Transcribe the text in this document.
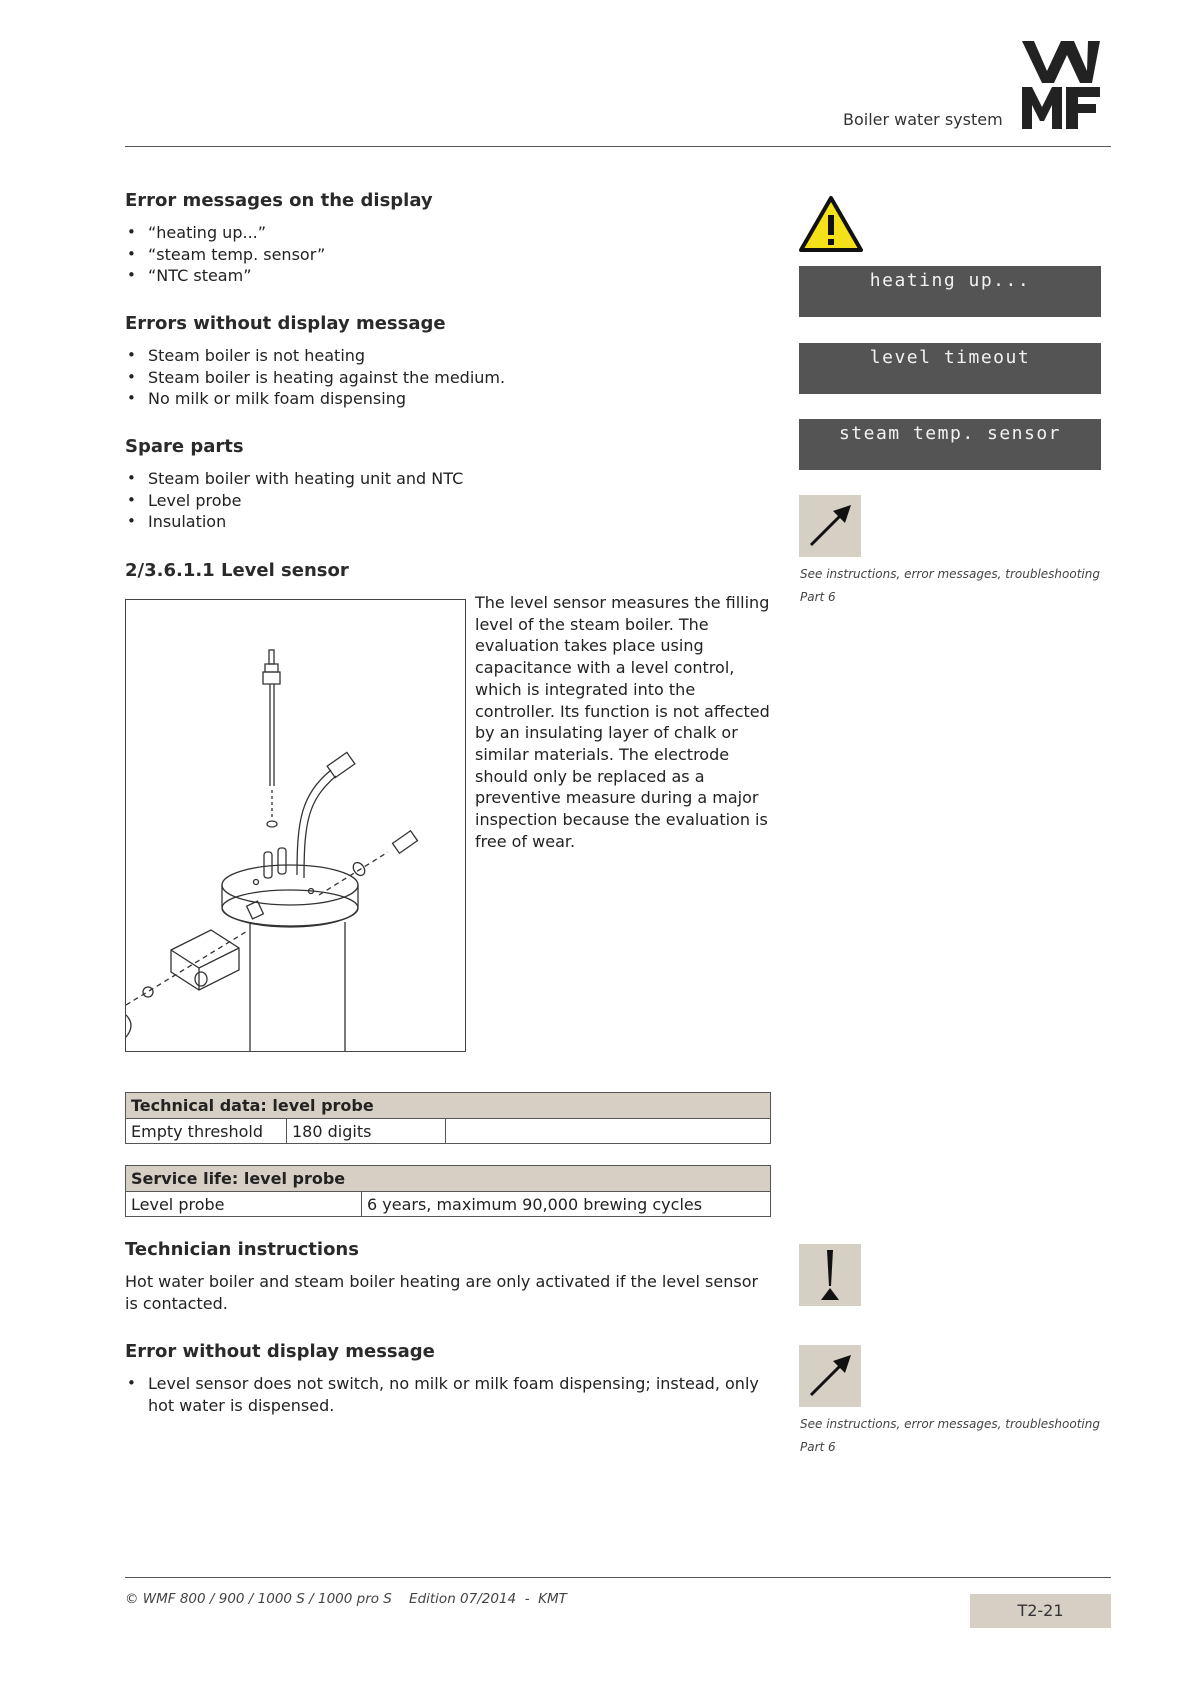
Boiler water system
Error messages on the display
• “heating up...”
• “steam temp. sensor”
• “NTC steam”
Errors without display message
• Steam boiler is not heating
• Steam boiler is heating against the medium.
• No milk or milk foam dispensing
Spare parts
• Steam boiler with heating unit and NTC
• Level probe
• Insulation
2/3.6.1.1 Level sensor

The level sensor measures the filling level of the steam boiler. The evaluation takes place using capacitance with a level control, which is integrated into the controller. Its function is not affected by an insulating layer of chalk or similar materials. The electrode should only be replaced as a preventive measure during a major inspection because the evaluation is free of wear.

Technical data: level probe
Empty threshold	180 digits	
Service life: level probe
Level probe	6 years, maximum 90,000 brewing cycles
Technician instructions

Hot water boiler and steam boiler heating are only activated if the level sensor is contacted.

Error without display message
• Level sensor does not switch, no milk or milk foam dispensing; instead, only hot water is dispensed.
heating up...
level timeout
steam temp. sensor
See instructions, error messages, troubleshooting
Part 6
See instructions, error messages, troubleshooting
Part 6
© WMF 800 / 900 / 1000 S / 1000 pro S    Edition 07/2014  -  KMT
T2-21
